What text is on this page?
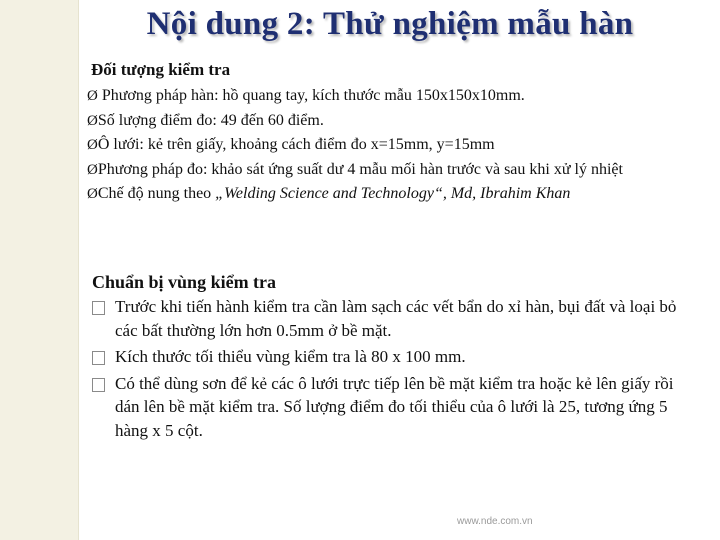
Nội dung 2: Thử nghiệm mẫu hàn
Đối tượng kiểm tra
Ø Phương pháp hàn: hồ quang tay, kích thước mẫu 150x150x10mm.
ØSố lượng điểm đo: 49 đến 60 điểm.
ØÔ lưới: kẻ trên giấy, khoảng cách điểm đo x=15mm, y=15mm
ØPhương pháp đo: khảo sát ứng suất dư 4 mẫu mối hàn trước và sau khi xử lý nhiệt
ØChế độ nung theo „Welding Science and Technology“, Md, Ibrahim Khan
Chuẩn bị vùng kiểm tra
Trước khi tiến hành kiểm tra cần làm sạch các vết bẩn do xỉ hàn, bụi đất và loại bỏ các bất thường lớn hơn 0.5mm ở bề mặt.
Kích thước tối thiểu vùng kiểm tra là 80 x 100 mm.
Có thể dùng sơn để kẻ các ô lưới trực tiếp lên bề mặt kiểm tra hoặc kẻ lên giấy rồi dán lên bề mặt kiểm tra. Số lượng điểm đo tối thiểu của ô lưới là 25, tương ứng 5 hàng x 5 cột.
www.nde.com.vn
